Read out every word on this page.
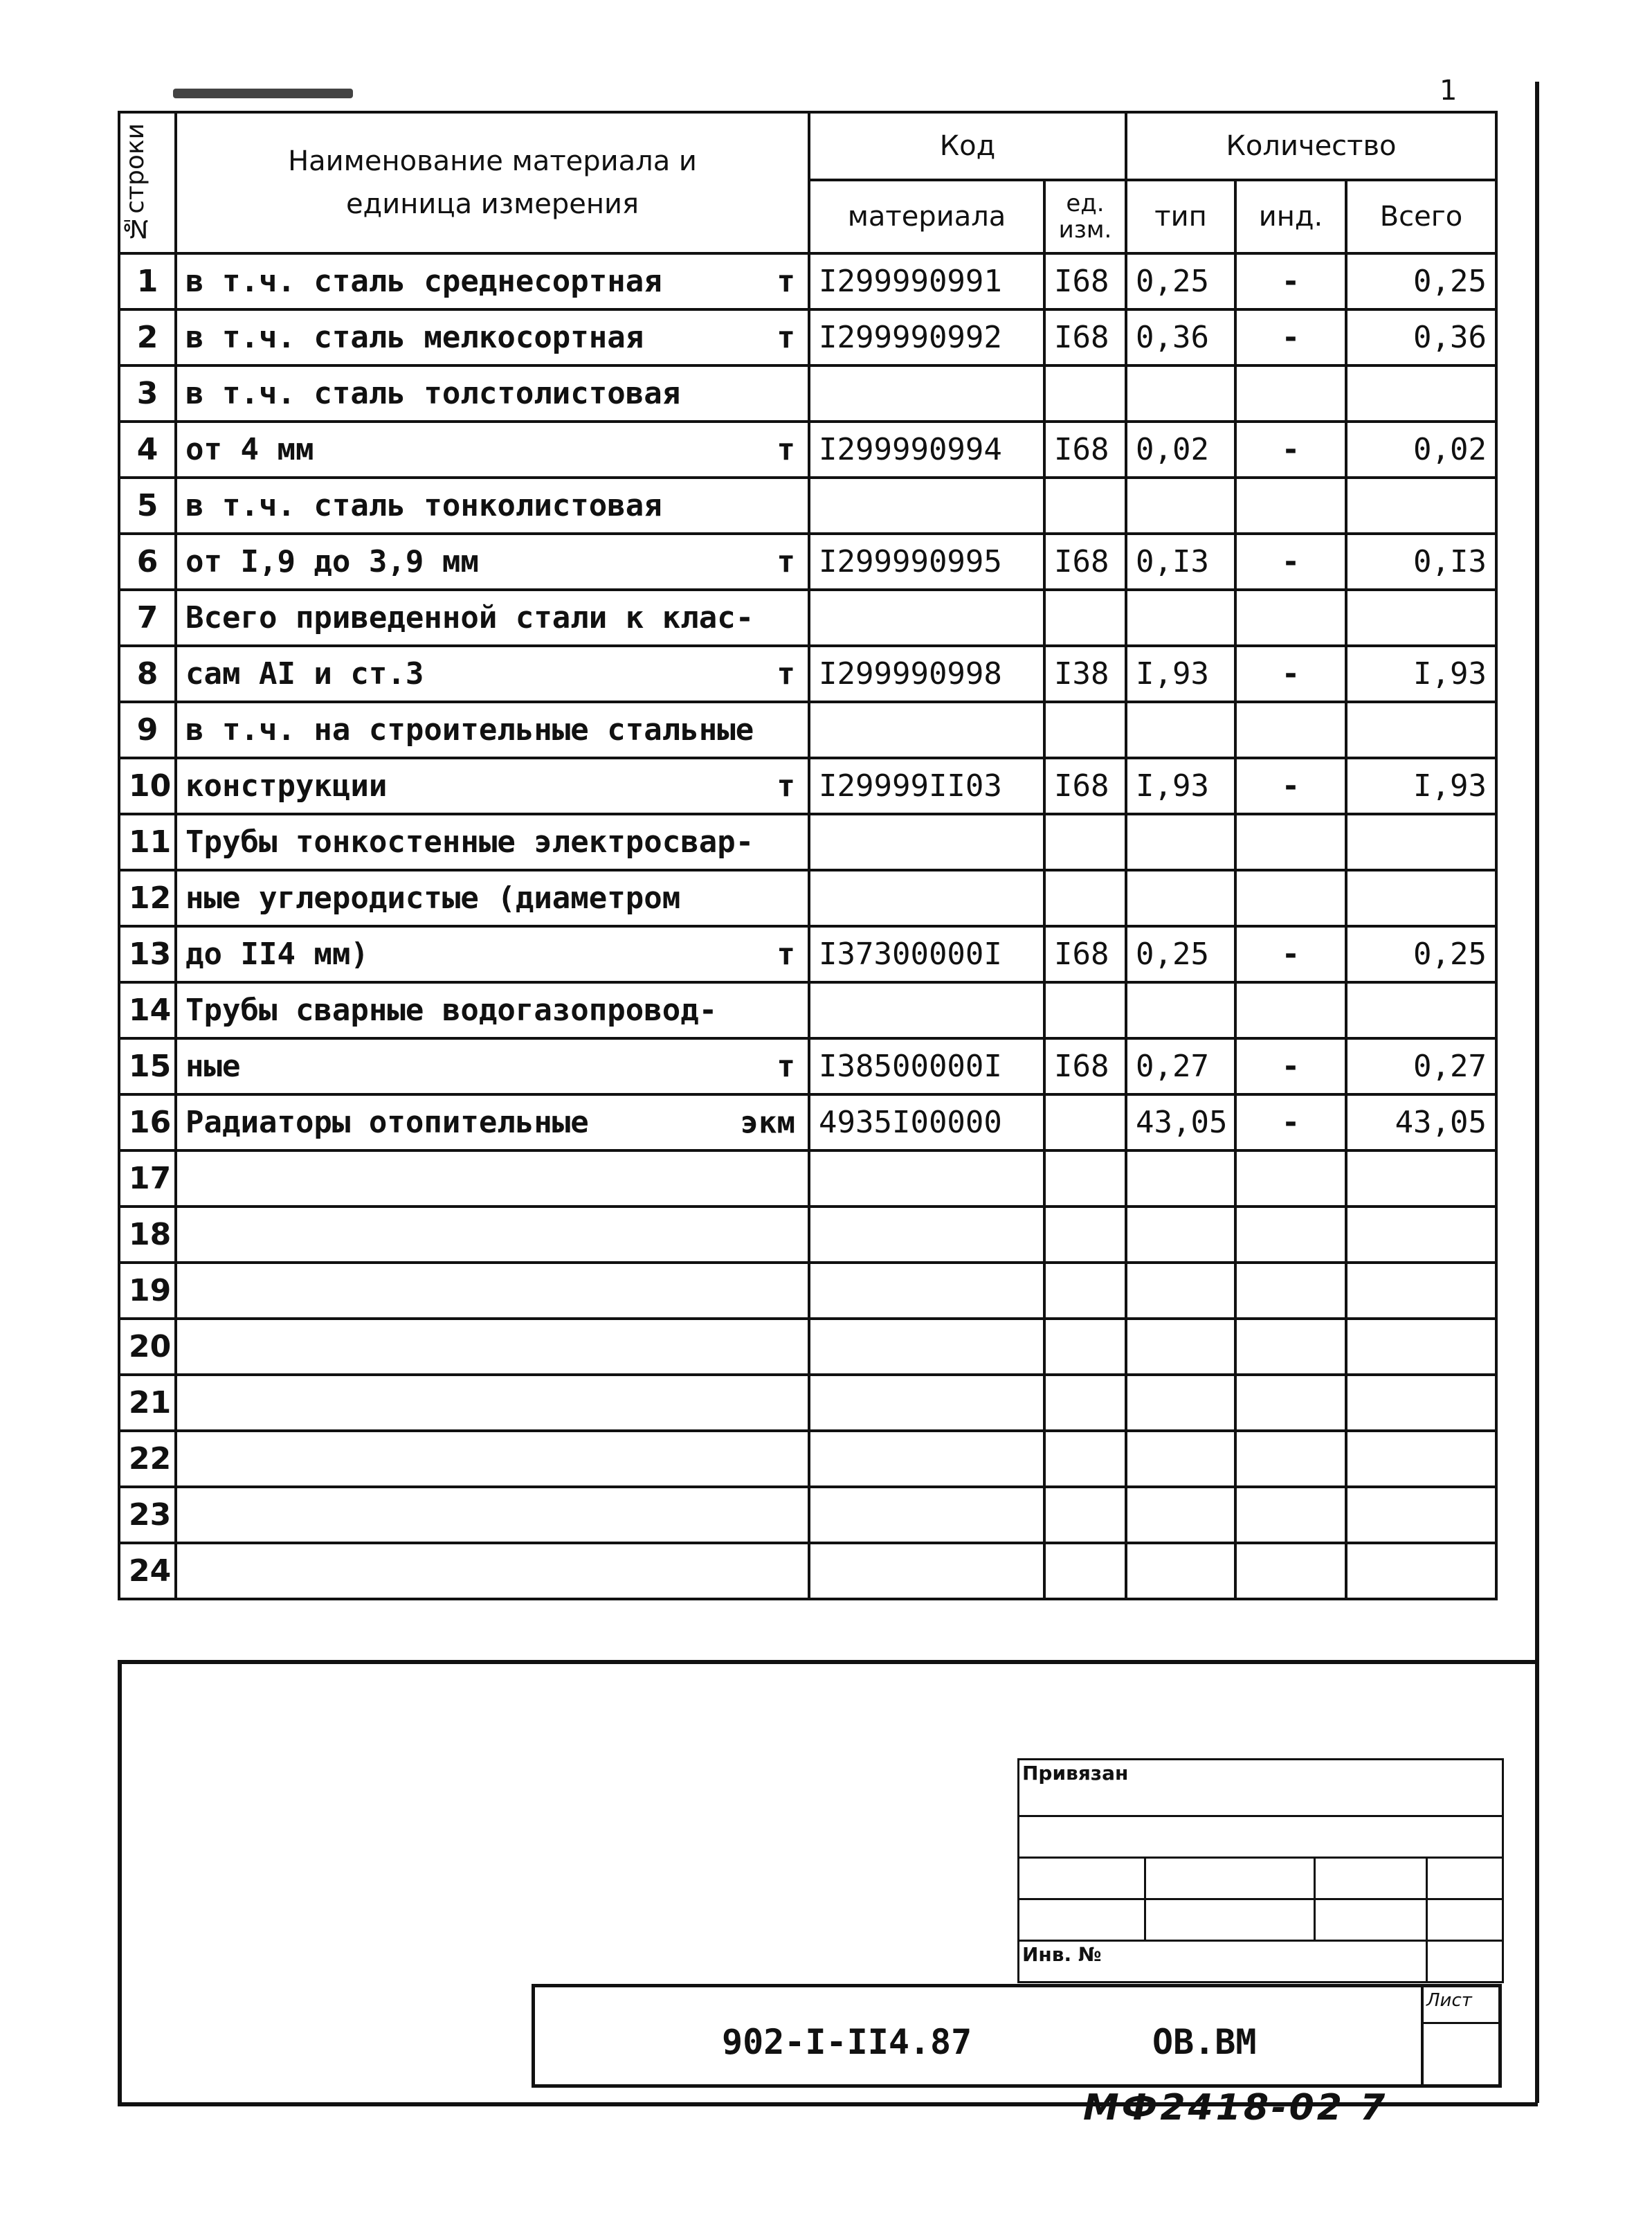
1
№строки	Наименование материала и единица измерения	Код		Количество		
		материала	ед. изм.	тип	инд.	Всего
1	в т.ч. сталь среднесортная т	I299990991	I68	0,25	-	0,25
2	в т.ч. сталь мелкосортная т	I299990992	I68	0,36	-	0,36
3	в т.ч. сталь толстолистовая

4	от 4 мм т	I299990994	I68	0,02	-	0,02
5	в т.ч. сталь тонколистовая

6	от I,9 до 3,9 мм т	I299990995	I68	0,I3	-	0,I3
7	Всего приведенной стали к клас-

8	сам AI и ст.3 т	I299990998	I38	I,93	-	I,93
9	в т.ч. на строительные стальные

10	конструкции т	I29999II03	I68	I,93	-	I,93
11	Трубы тонкостенные электросвар-

12	ные углеродистые (диаметром

13	до II4 мм) т	I37300000I	I68	0,25	-	0,25
14	Трубы сварные водогазопровод-

15	ные т	I38500000I	I68	0,27	-	0,27
16	Радиаторы отопительные экм	4935I00000		43,05	-	43,05
17	

18	

19	

20	

21	

22	

23	

24	

Привязан			

Инв. №			
902-I-II4.87	ОВ.ВМ
Лист
МФ2418-02 7
